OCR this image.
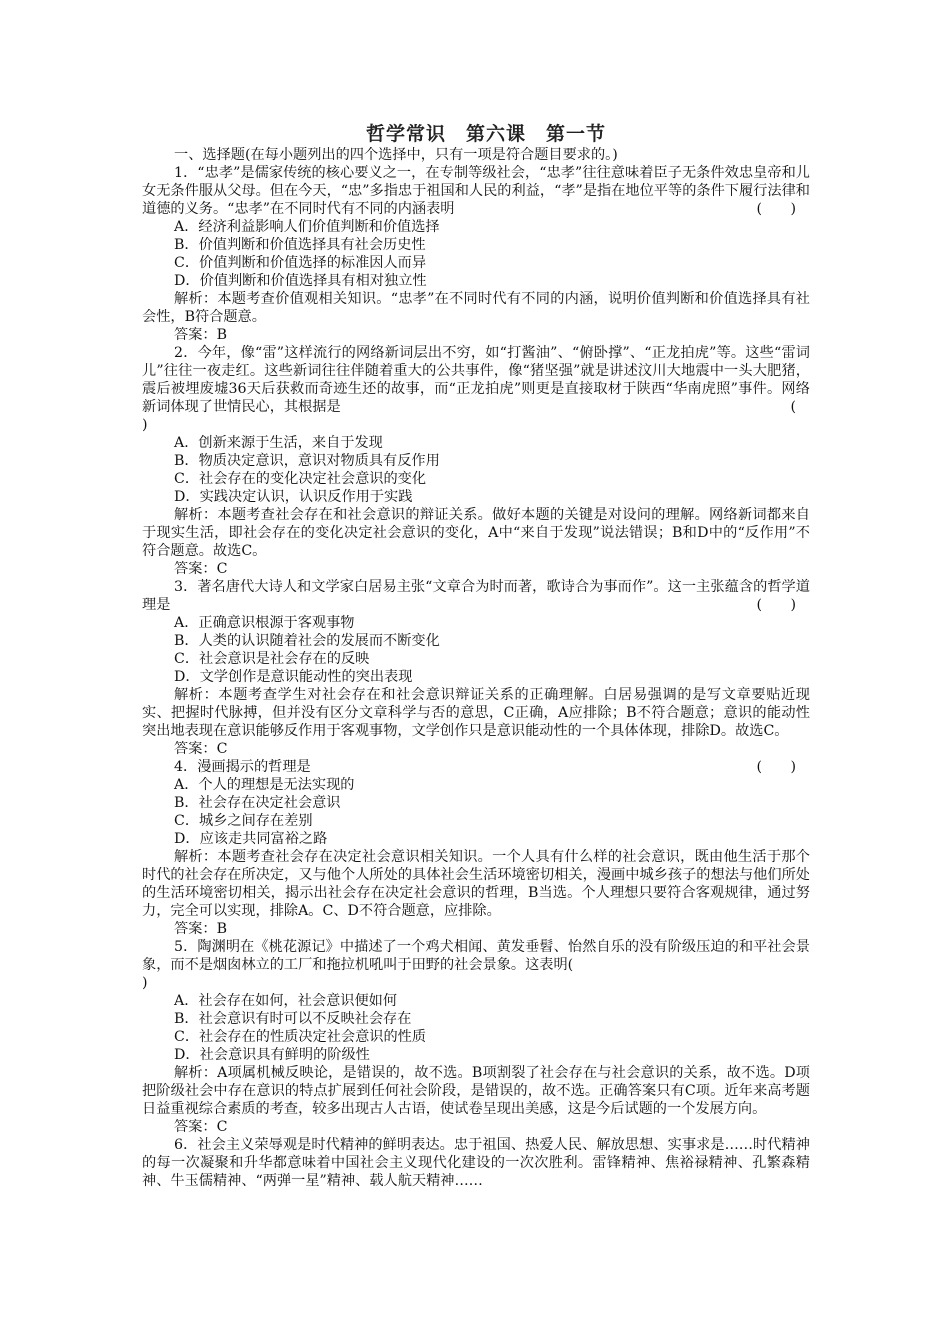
哲学常识　第六课　第一节
一、选择题(在每小题列出的四个选择中，只有一项是符合题目要求的。)
1．“忠孝”是儒家传统的核心要义之一，在专制等级社会，“忠孝”往往意味着臣子无条件效忠皇帝和儿女无条件服从父母。但在今天，“忠”多指忠于祖国和人民的利益，“孝”是指在地位平等的条件下履行法律和道德的义务。“忠孝”在不同时代有不同的内涵表明	(　　)
A．经济利益影响人们价值判断和价值选择
B．价值判断和价值选择具有社会历史性
C．价值判断和价值选择的标准因人而异
D．价值判断和价值选择具有相对独立性
解析：本题考查价值观相关知识。“忠孝”在不同时代有不同的内涵，说明价值判断和价值选择具有社会性，B符合题意。
答案：B
2．今年，像“雷”这样流行的网络新词层出不穷，如“打酱油”、“俯卧撑”、“正龙拍虎”等。这些“雷词儿”往往一夜走红。这些新词往往伴随着重大的公共事件，像“猪坚强”就是讲述汶川大地震中一头大肥猪，震后被埋废墟36天后获救而奇迹生还的故事，而“正龙拍虎”则更是直接取材于陕西“华南虎照”事件。网络新词体现了世情民心，其根据是	(
)
A．创新来源于生活，来自于发现
B．物质决定意识，意识对物质具有反作用
C．社会存在的变化决定社会意识的变化
D．实践决定认识，认识反作用于实践
解析：本题考查社会存在和社会意识的辩证关系。做好本题的关键是对设问的理解。网络新词都来自于现实生活，即社会存在的变化决定社会意识的变化，A中“来自于发现”说法错误；B和D中的“反作用”不符合题意。故选C。
答案：C
3．著名唐代大诗人和文学家白居易主张“文章合为时而著，歌诗合为事而作”。这一主张蕴含的哲学道理是	(　　)
A．正确意识根源于客观事物
B．人类的认识随着社会的发展而不断变化
C．社会意识是社会存在的反映
D．文学创作是意识能动性的突出表现
解析：本题考查学生对社会存在和社会意识辩证关系的正确理解。白居易强调的是写文章要贴近现实、把握时代脉搏，但并没有区分文章科学与否的意思，C正确，A应排除；B不符合题意；意识的能动性突出地表现在意识能够反作用于客观事物，文学创作只是意识能动性的一个具体体现，排除D。故选C。
答案：C
4．漫画揭示的哲理是	(　　)
A．个人的理想是无法实现的
B．社会存在决定社会意识
C．城乡之间存在差别
D．应该走共同富裕之路
解析：本题考查社会存在决定社会意识相关知识。一个人具有什么样的社会意识，既由他生活于那个时代的社会存在所决定，又与他个人所处的具体社会生活环境密切相关，漫画中城乡孩子的想法与他们所处的生活环境密切相关，揭示出社会存在决定社会意识的哲理，B当选。个人理想只要符合客观规律，通过努力，完全可以实现，排除A。C、D不符合题意，应排除。
答案：B
5．陶渊明在《桃花源记》中描述了一个鸡犬相闻、黄发垂髫、怡然自乐的没有阶级压迫的和平社会景象，而不是烟囱林立的工厂和拖拉机吼叫于田野的社会景象。这表明(
)
A．社会存在如何，社会意识便如何
B．社会意识有时可以不反映社会存在
C．社会存在的性质决定社会意识的性质
D．社会意识具有鲜明的阶级性
解析：A项属机械反映论，是错误的，故不选。B项割裂了社会存在与社会意识的关系，故不选。D项把阶级社会中存在意识的特点扩展到任何社会阶段，是错误的，故不选。正确答案只有C项。近年来高考题日益重视综合素质的考查，较多出现古人古语，使试卷呈现出美感，这是今后试题的一个发展方向。
答案：C
6．社会主义荣辱观是时代精神的鲜明表达。忠于祖国、热爱人民、解放思想、实事求是……时代精神的每一次凝聚和升华都意味着中国社会主义现代化建设的一次次胜利。雷锋精神、焦裕禄精神、孔繁森精神、牛玉儒精神、“两弹一星”精神、载人航天精神……
